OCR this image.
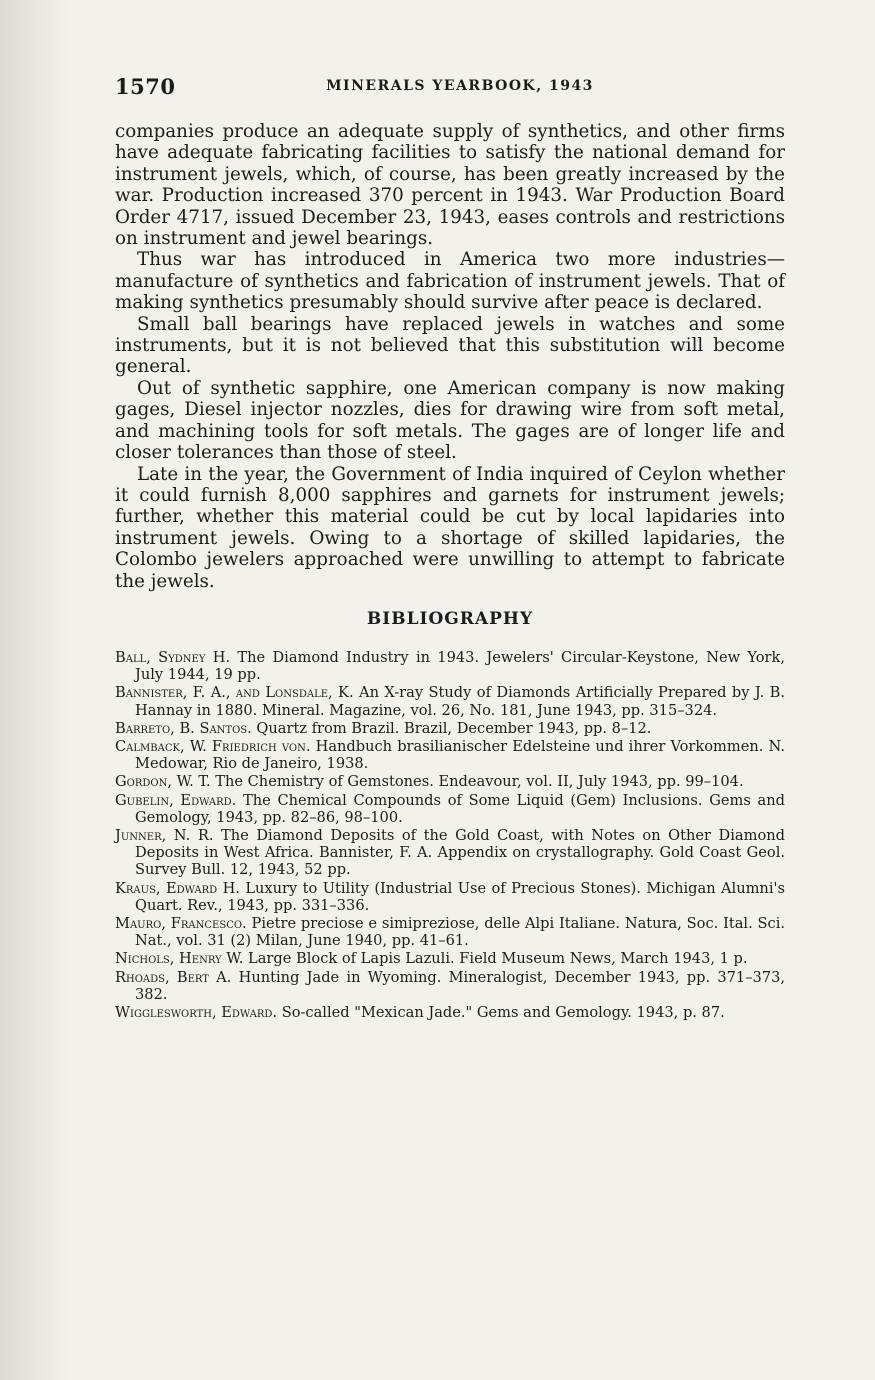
1570	MINERALS YEARBOOK, 1943

companies produce an adequate supply of synthetics, and other firms have adequate fabricating facilities to satisfy the national demand for instrument jewels, which, of course, has been greatly increased by the war. Production increased 370 percent in 1943. War Production Board Order 4717, issued December 23, 1943, eases controls and restrictions on instrument and jewel bearings.

Thus war has introduced in America two more industries—manufacture of synthetics and fabrication of instrument jewels. That of making synthetics presumably should survive after peace is declared.

Small ball bearings have replaced jewels in watches and some instruments, but it is not believed that this substitution will become general.

Out of synthetic sapphire, one American company is now making gages, Diesel injector nozzles, dies for drawing wire from soft metal, and machining tools for soft metals. The gages are of longer life and closer tolerances than those of steel.

Late in the year, the Government of India inquired of Ceylon whether it could furnish 8,000 sapphires and garnets for instrument jewels; further, whether this material could be cut by local lapidaries into instrument jewels. Owing to a shortage of skilled lapidaries, the Colombo jewelers approached were unwilling to attempt to fabricate the jewels.

BIBLIOGRAPHY

Ball, Sydney H. The Diamond Industry in 1943. Jewelers' Circular-Keystone, New York, July 1944, 19 pp.

Bannister, F. A., and Lonsdale, K. An X-ray Study of Diamonds Artificially Prepared by J. B. Hannay in 1880. Mineral. Magazine, vol. 26, No. 181, June 1943, pp. 315–324.

Barreto, B. Santos. Quartz from Brazil. Brazil, December 1943, pp. 8–12.

Calmback, W. Friedrich von. Handbuch brasilianischer Edelsteine und ihrer Vorkommen. N. Medowar, Rio de Janeiro, 1938.

Gordon, W. T. The Chemistry of Gemstones. Endeavour, vol. II, July 1943, pp. 99–104.

Gubelin, Edward. The Chemical Compounds of Some Liquid (Gem) Inclusions. Gems and Gemology, 1943, pp. 82–86, 98–100.

Junner, N. R. The Diamond Deposits of the Gold Coast, with Notes on Other Diamond Deposits in West Africa. Bannister, F. A. Appendix on crystallography. Gold Coast Geol. Survey Bull. 12, 1943, 52 pp.

Kraus, Edward H. Luxury to Utility (Industrial Use of Precious Stones). Michigan Alumni's Quart. Rev., 1943, pp. 331–336.

Mauro, Francesco. Pietre preciose e simipreziose, delle Alpi Italiane. Natura, Soc. Ital. Sci. Nat., vol. 31 (2) Milan, June 1940, pp. 41–61.

Nichols, Henry W. Large Block of Lapis Lazuli. Field Museum News, March 1943, 1 p.

Rhoads, Bert A. Hunting Jade in Wyoming. Mineralogist, December 1943, pp. 371–373, 382.

Wigglesworth, Edward. So-called "Mexican Jade." Gems and Gemology. 1943, p. 87.
